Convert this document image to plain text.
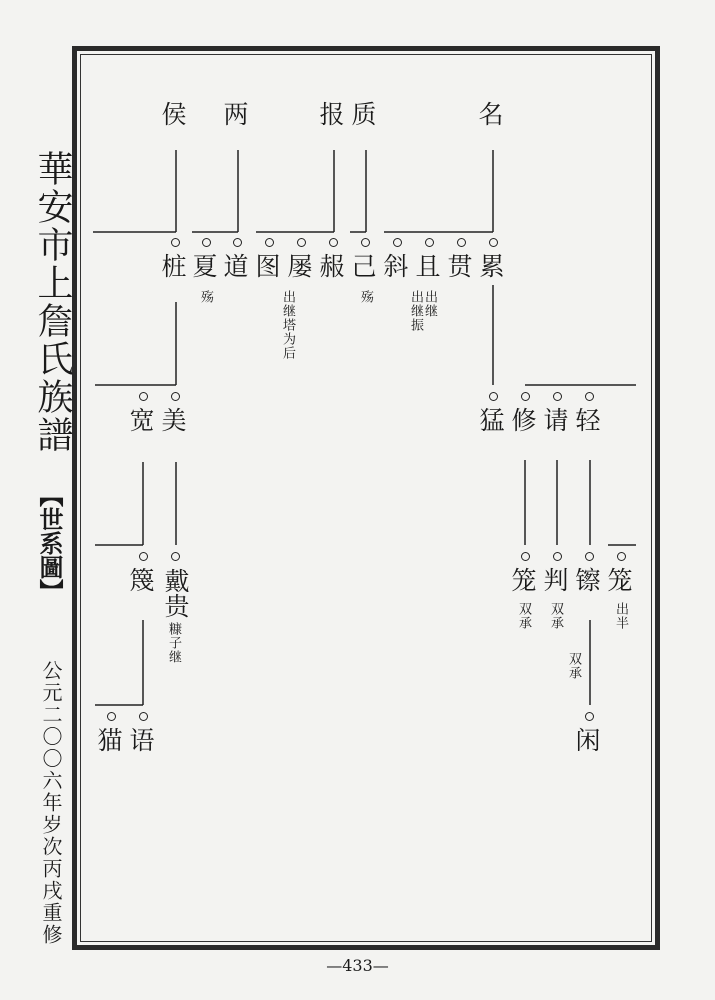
華安市上詹氏族譜
【世系圖】
公元二〇〇六年岁次丙戌重修
—433—
侯 两	报 质	名
桩 夏 道 图 屡 赧 己 斜 且 贯 累
殇	出继塔为后	殇	出继振 出继
宽 美	猛 修 请 轻
篾 戴贵
糠子继
笼 判 镲 笼
双承 双承
双承
出半
猫 语	闲
